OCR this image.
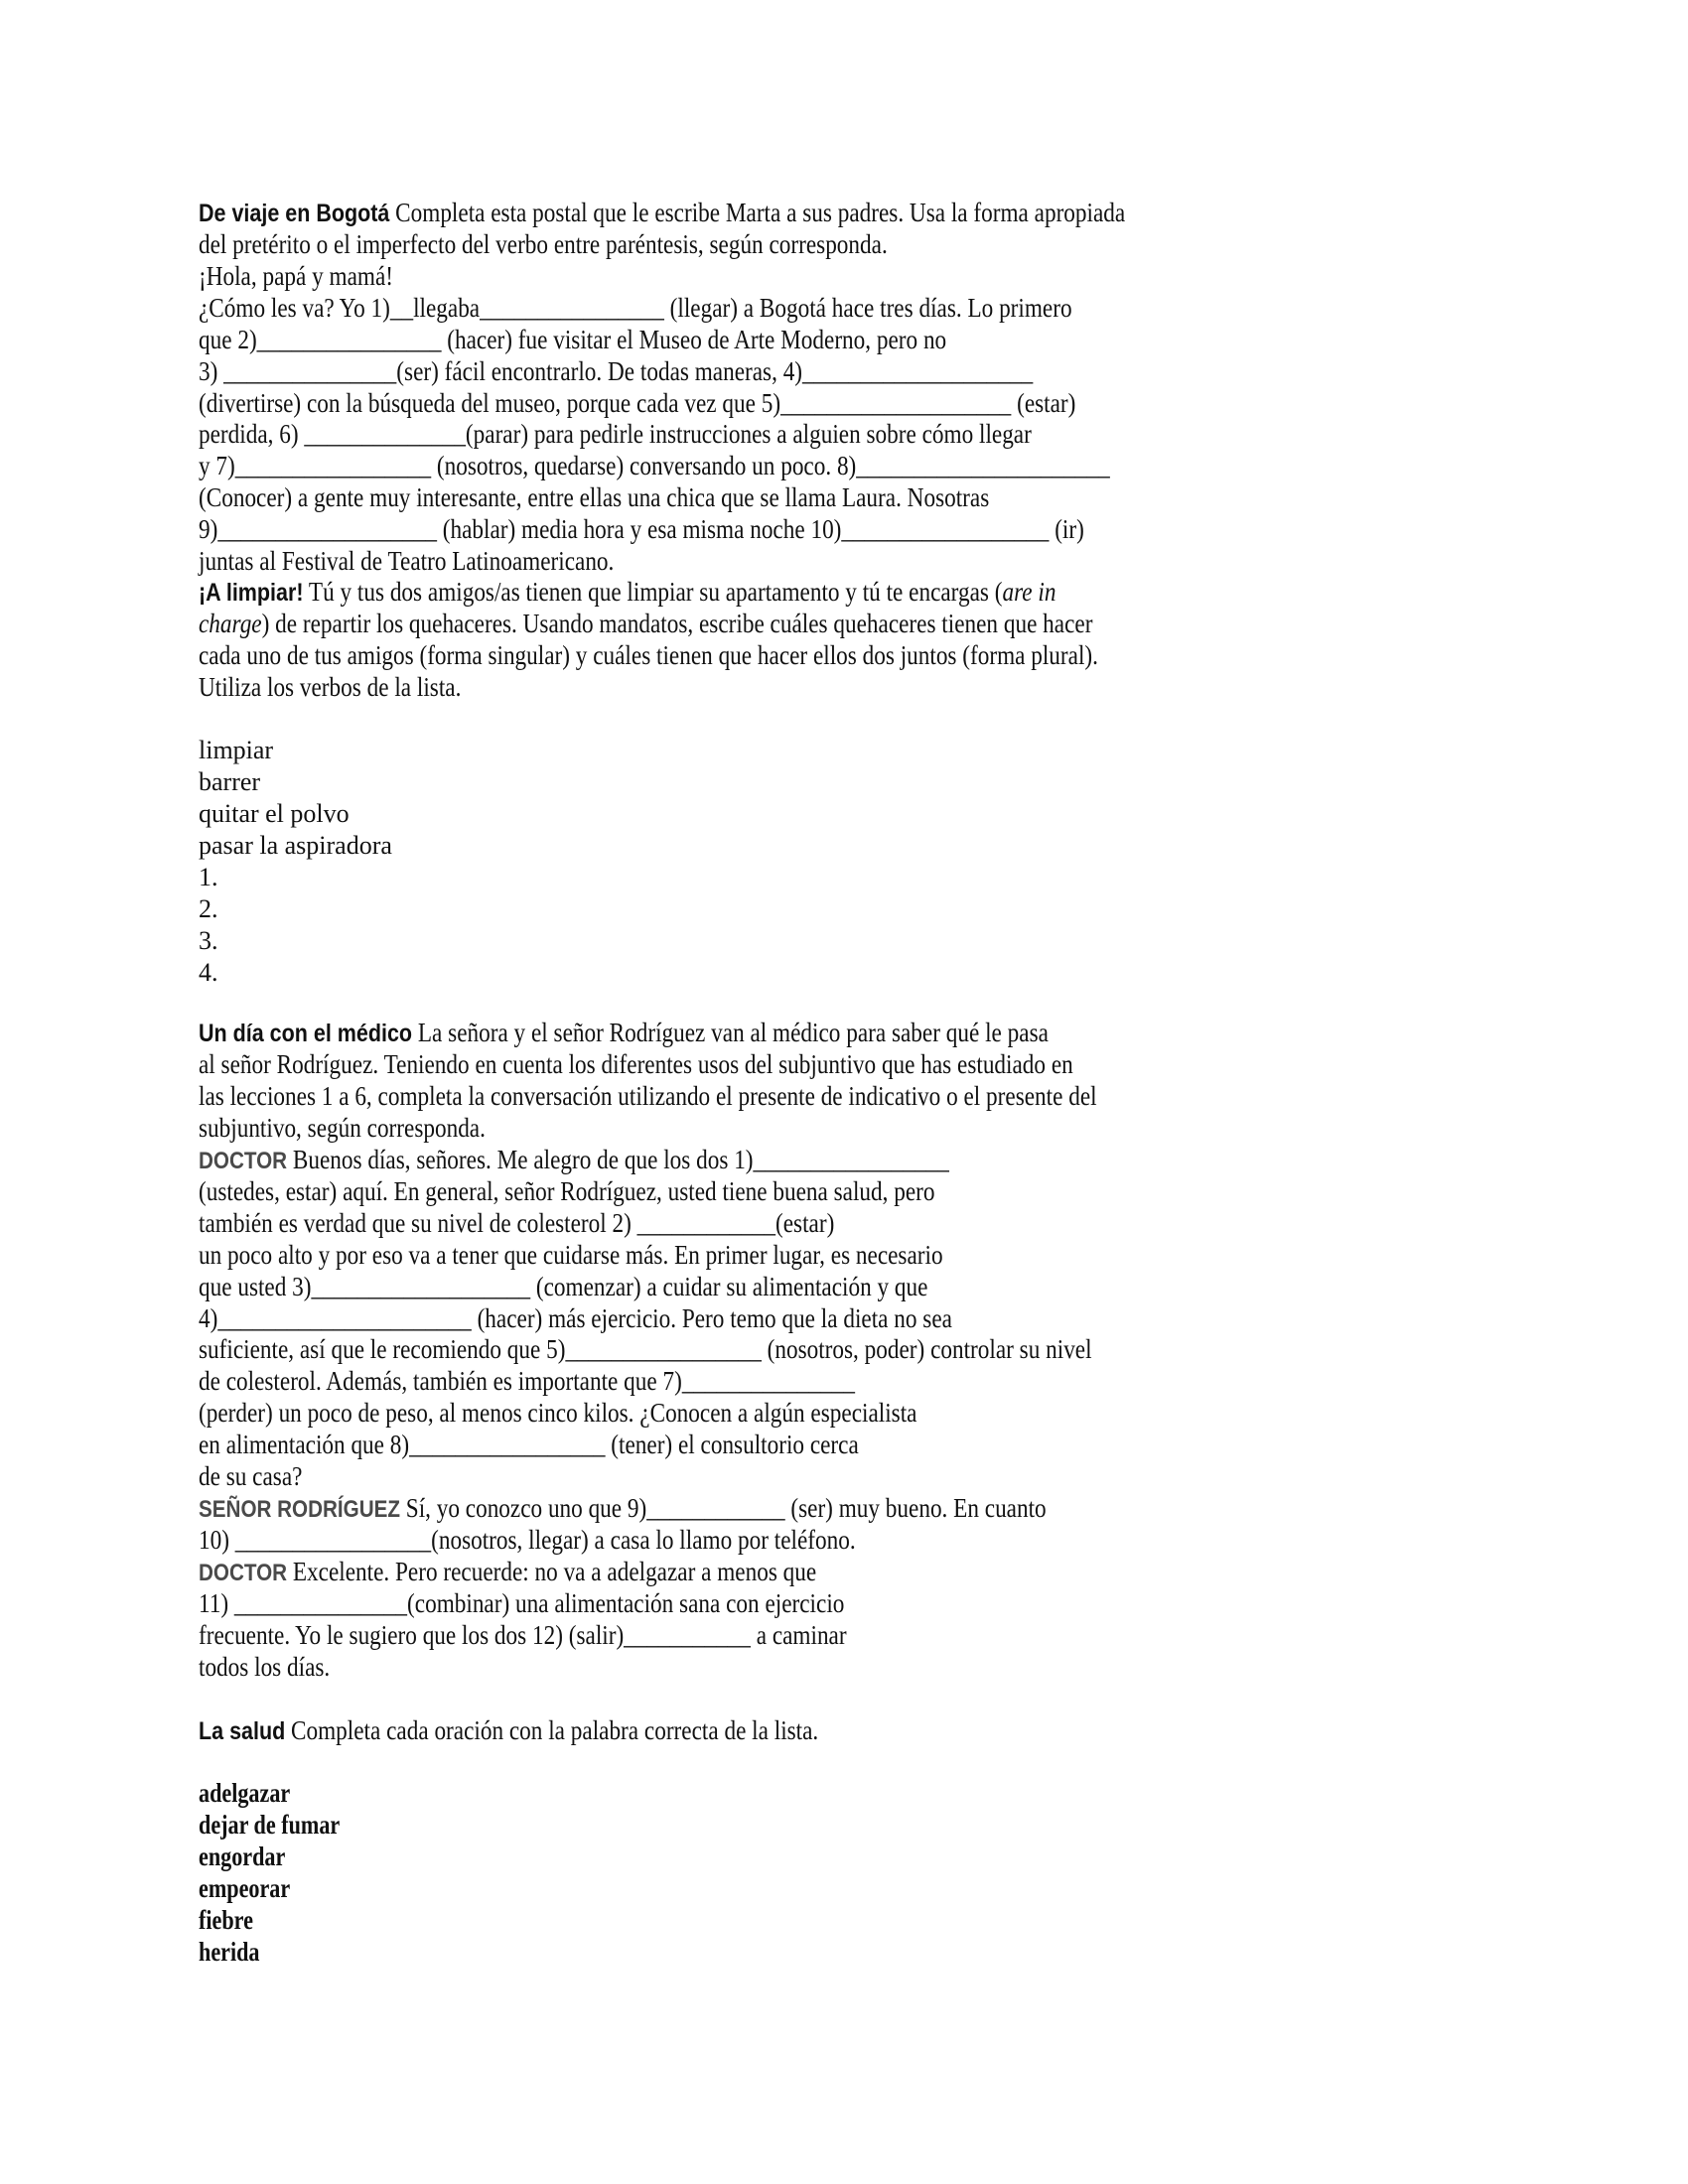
De viaje en Bogotá Completa esta postal que le escribe Marta a sus padres. Usa la forma apropiada
del pretérito o el imperfecto del verbo entre paréntesis, según corresponda.
¡Hola, papá y mamá!
¿Cómo les va? Yo 1)__llegaba________________ (llegar) a Bogotá hace tres días. Lo primero
que 2)________________ (hacer) fue visitar el Museo de Arte Moderno, pero no
3) _______________(ser) fácil encontrarlo. De todas maneras, 4)____________________
(divertirse) con la búsqueda del museo, porque cada vez que 5)____________________ (estar)
perdida, 6) ______________(parar) para pedirle instrucciones a alguien sobre cómo llegar
y 7)_________________ (nosotros, quedarse) conversando un poco. 8)______________________
(Conocer) a gente muy interesante, entre ellas una chica que se llama Laura. Nosotras
9)___________________ (hablar) media hora y esa misma noche 10)__________________ (ir)
juntas al Festival de Teatro Latinoamericano.
¡A limpiar! Tú y tus dos amigos/as tienen que limpiar su apartamento y tú te encargas (are in
charge) de repartir los quehaceres. Usando mandatos, escribe cuáles quehaceres tienen que hacer
cada uno de tus amigos (forma singular) y cuáles tienen que hacer ellos dos juntos (forma plural).
Utiliza los verbos de la lista.
limpiar
barrer
quitar el polvo
pasar la aspiradora
1.
2.
3.
4.
Un día con el médico La señora y el señor Rodríguez van al médico para saber qué le pasa
al señor Rodríguez. Teniendo en cuenta los diferentes usos del subjuntivo que has estudiado en
las lecciones 1 a 6, completa la conversación utilizando el presente de indicativo o el presente del
subjuntivo, según corresponda.
DOCTOR Buenos días, señores. Me alegro de que los dos 1)_________________
(ustedes, estar) aquí. En general, señor Rodríguez, usted tiene buena salud, pero
también es verdad que su nivel de colesterol 2) ____________(estar)
un poco alto y por eso va a tener que cuidarse más. En primer lugar, es necesario
que usted 3)___________________ (comenzar) a cuidar su alimentación y que
4)______________________ (hacer) más ejercicio. Pero temo que la dieta no sea
suficiente, así que le recomiendo que 5)_________________ (nosotros, poder) controlar su nivel
de colesterol. Además, también es importante que 7)_______________
(perder) un poco de peso, al menos cinco kilos. ¿Conocen a algún especialista
en alimentación que 8)_________________ (tener) el consultorio cerca
de su casa?
SEÑOR RODRÍGUEZ Sí, yo conozco uno que 9)____________ (ser) muy bueno. En cuanto
10) _________________(nosotros, llegar) a casa lo llamo por teléfono.
DOCTOR Excelente. Pero recuerde: no va a adelgazar a menos que
11) _______________(combinar) una alimentación sana con ejercicio
frecuente. Yo le sugiero que los dos 12) (salir)___________ a caminar
todos los días.
La salud Completa cada oración con la palabra correcta de la lista.
adelgazar
dejar de fumar
engordar
empeorar
fiebre
herida
